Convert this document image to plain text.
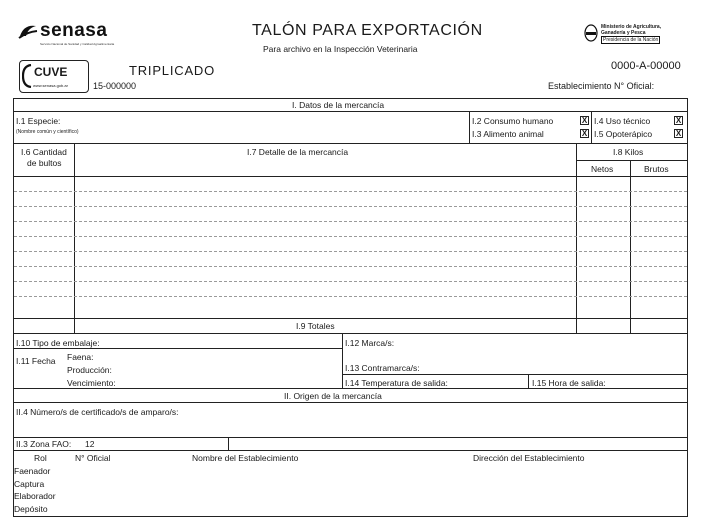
senasa
Servicio Nacional de Sanidad y Calidad Agroalimentaria
TALÓN PARA EXPORTACIÓN
Para archivo en la Inspección Veterinaria
Ministerio de Agricultura,
Ganadería y Pesca
Presidencia de la Nación
CUVE
www.senasa.gob.ar	15-000000
TRIPLICADO	0000-A-00000
Establecimiento N° Oficial:
I. Datos de la mercancía
I.1 Especie:
(Nombre común y científico)
I.2 Consumo humano
I.3 Alimento animal
X
X
I.4 Uso técnico
I.5 Opoterápico
X
X
I.6 Cantidad
de bultos
I.7 Detalle de la mercancía	I.8 Kilos
Netos	Brutos
I.9 Totales
I.10 Tipo de embalaje:	I.12 Marca/s:
I.11 Fecha Faena:
Producción:
Vencimiento:
I.13 Contramarca/s:
I.14 Temperatura de salida:	I.15 Hora de salida:
II. Origen de la mercancía
II.4 Número/s de certificado/s de amparo/s:
II.3 Zona FAO: 12
Rol	N° Oficial	Nombre del Establecimiento	Dirección del Establecimiento
Faenador
Captura
Elaborador
Depósito
